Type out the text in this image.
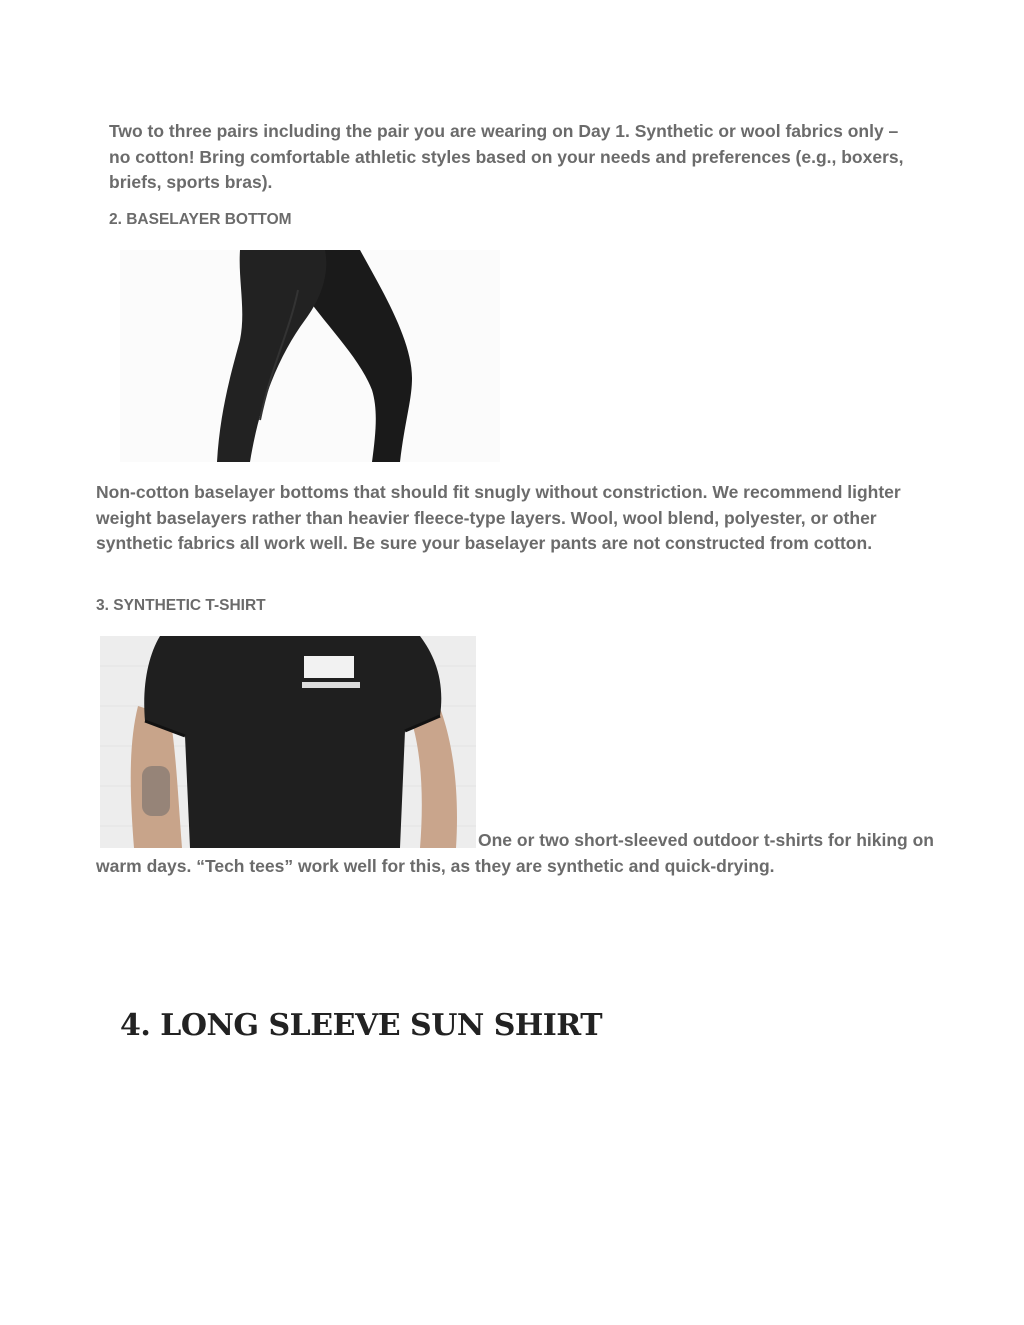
Two to three pairs including the pair you are wearing on Day 1. Synthetic or wool fabrics only – no cotton! Bring comfortable athletic styles based on your needs and preferences (e.g., boxers, briefs, sports bras).

2. BASELAYER BOTTOM

Non-cotton baselayer bottoms that should fit snugly without constriction. We recommend lighter weight baselayers rather than heavier fleece-type layers. Wool, wool blend, polyester, or other synthetic fabrics all work well. Be sure your baselayer pants are not constructed from cotton.

3. SYNTHETIC T-SHIRT

One or two short-sleeved outdoor t-shirts for hiking on warm days. “Tech tees” work well for this, as they are synthetic and quick-drying.

4. LONG SLEEVE SUN SHIRT
